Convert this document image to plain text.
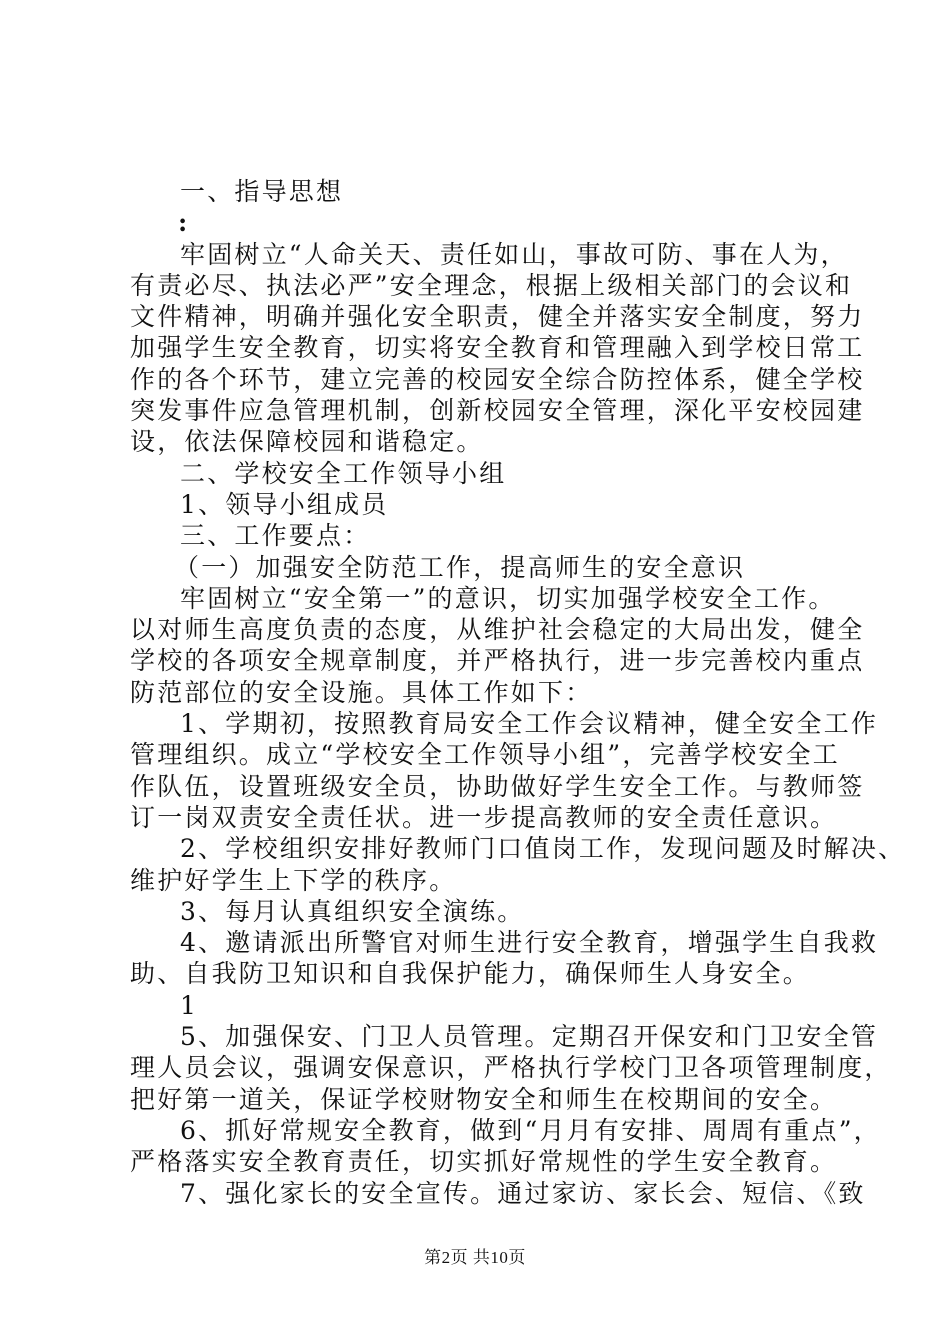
一、指导思想
:
牢固树立“人命关天、责任如山，事故可防、事在人为，
有责必尽、执法必严”安全理念，根据上级相关部门的会议和
文件精神，明确并强化安全职责，健全并落实安全制度，努力
加强学生安全教育，切实将安全教育和管理融入到学校日常工
作的各个环节，建立完善的校园安全综合防控体系，健全学校
突发事件应急管理机制，创新校园安全管理，深化平安校园建
设，依法保障校园和谐稳定。
二、学校安全工作领导小组
1、领导小组成员
三、工作要点：
（一）加强安全防范工作，提高师生的安全意识
牢固树立“安全第一”的意识，切实加强学校安全工作。
以对师生高度负责的态度，从维护社会稳定的大局出发，健全
学校的各项安全规章制度，并严格执行，进一步完善校内重点
防范部位的安全设施。具体工作如下：
1、学期初，按照教育局安全工作会议精神，健全安全工作
管理组织。成立“学校安全工作领导小组”，完善学校安全工
作队伍，设置班级安全员，协助做好学生安全工作。与教师签
订一岗双责安全责任状。进一步提高教师的安全责任意识。
2、学校组织安排好教师门口值岗工作，发现问题及时解决、
维护好学生上下学的秩序。
3、每月认真组织安全演练。
4、邀请派出所警官对师生进行安全教育，增强学生自我救
助、自我防卫知识和自我保护能力，确保师生人身安全。
1
5、加强保安、门卫人员管理。定期召开保安和门卫安全管
理人员会议，强调安保意识，严格执行学校门卫各项管理制度，
把好第一道关，保证学校财物安全和师生在校期间的安全。
6、抓好常规安全教育，做到“月月有安排、周周有重点”，
严格落实安全教育责任，切实抓好常规性的学生安全教育。
7、强化家长的安全宣传。通过家访、家长会、短信、《致
第2页 共10页
